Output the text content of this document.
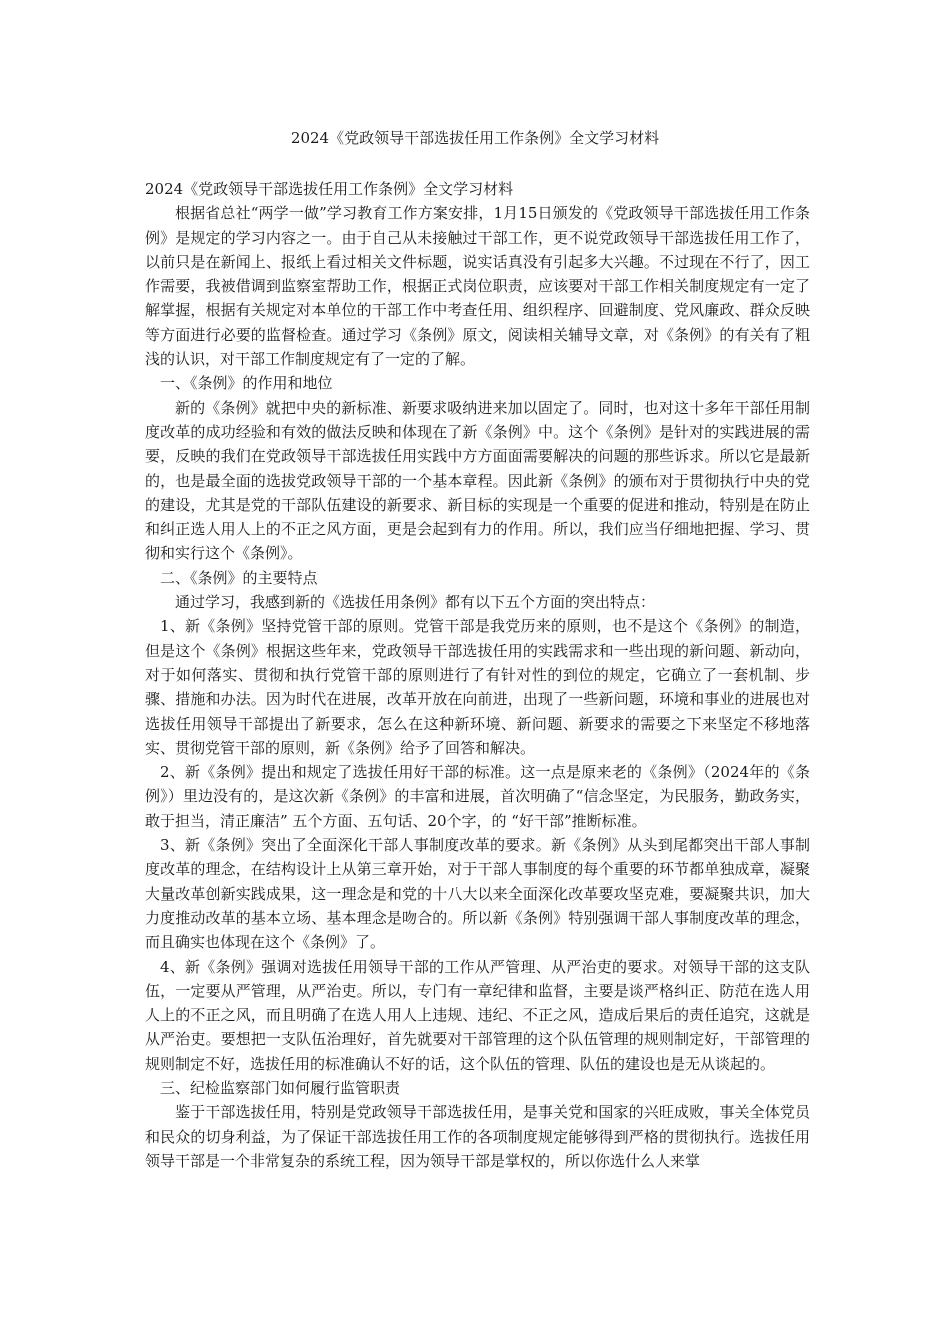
2024《党政领导干部选拔任用工作条例》全文学习材料

2024《党政领导干部选拔任用工作条例》全文学习材料

根据省总社“两学一做”学习教育工作方案安排，1月15日颁发的《党政领导干部选拔任用工作条例》是规定的学习内容之一。由于自己从未接触过干部工作，更不说党政领导干部选拔任用工作了，以前只是在新闻上、报纸上看过相关文件标题，说实话真没有引起多大兴趣。不过现在不行了，因工作需要，我被借调到监察室帮助工作，根据正式岗位职责，应该要对干部工作相关制度规定有一定了解掌握，根据有关规定对本单位的干部工作中考查任用、组织程序、回避制度、党风廉政、群众反映等方面进行必要的监督检查。通过学习《条例》原文，阅读相关辅导文章，对《条例》的有关有了粗浅的认识，对干部工作制度规定有了一定的了解。

一、《条例》的作用和地位

新的《条例》就把中央的新标准、新要求吸纳进来加以固定了。同时，也对这十多年干部任用制度改革的成功经验和有效的做法反映和体现在了新《条例》中。这个《条例》是针对的实践进展的需要，反映的我们在党政领导干部选拔任用实践中方方面面需要解决的问题的那些诉求。所以它是最新的，也是最全面的选拔党政领导干部的一个基本章程。因此新《条例》的颁布对于贯彻执行中央的党的建设，尤其是党的干部队伍建设的新要求、新目标的实现是一个重要的促进和推动，特别是在防止和纠正选人用人上的不正之风方面，更是会起到有力的作用。所以，我们应当仔细地把握、学习、贯彻和实行这个《条例》。

二、《条例》的主要特点

通过学习，我感到新的《选拔任用条例》都有以下五个方面的突出特点：

1、新《条例》坚持党管干部的原则。党管干部是我党历来的原则，也不是这个《条例》的制造，但是这个《条例》根据这些年来，党政领导干部选拔任用的实践需求和一些出现的新问题、新动向，对于如何落实、贯彻和执行党管干部的原则进行了有针对性的到位的规定，它确立了一套机制、步骤、措施和办法。因为时代在进展，改革开放在向前进，出现了一些新问题，环境和事业的进展也对选拔任用领导干部提出了新要求，怎么在这种新环境、新问题、新要求的需要之下来坚定不移地落实、贯彻党管干部的原则，新《条例》给予了回答和解决。

2、新《条例》提出和规定了选拔任用好干部的标准。这一点是原来老的《条例》（2024年的《条例》）里边没有的，是这次新《条例》的丰富和进展，首次明确了“信念坚定，为民服务，勤政务实，敢于担当，清正廉洁” 五个方面、五句话、20个字，的 “好干部”推断标准。

3、新《条例》突出了全面深化干部人事制度改革的要求。新《条例》从头到尾都突出干部人事制度改革的理念，在结构设计上从第三章开始，对于干部人事制度的每个重要的环节都单独成章，凝聚大量改革创新实践成果，这一理念是和党的十八大以来全面深化改革要攻坚克难，要凝聚共识，加大力度推动改革的基本立场、基本理念是吻合的。所以新《条例》特别强调干部人事制度改革的理念，而且确实也体现在这个《条例》了。

4、新《条例》强调对选拔任用领导干部的工作从严管理、从严治吏的要求。对领导干部的这支队伍，一定要从严管理，从严治吏。所以，专门有一章纪律和监督，主要是谈严格纠正、防范在选人用人上的不正之风，而且明确了在选人用人上违规、违纪、不正之风，造成后果后的责任追究，这就是从严治吏。要想把一支队伍治理好，首先就要对干部管理的这个队伍管理的规则制定好，干部管理的规则制定不好，选拔任用的标准确认不好的话，这个队伍的管理、队伍的建设也是无从谈起的。

三、纪检监察部门如何履行监管职责

鉴于干部选拔任用，特别是党政领导干部选拔任用，是事关党和国家的兴旺成败，事关全体党员和民众的切身利益，为了保证干部选拔任用工作的各项制度规定能够得到严格的贯彻执行。选拔任用领导干部是一个非常复杂的系统工程，因为领导干部是掌权的，所以你选什么人来掌
